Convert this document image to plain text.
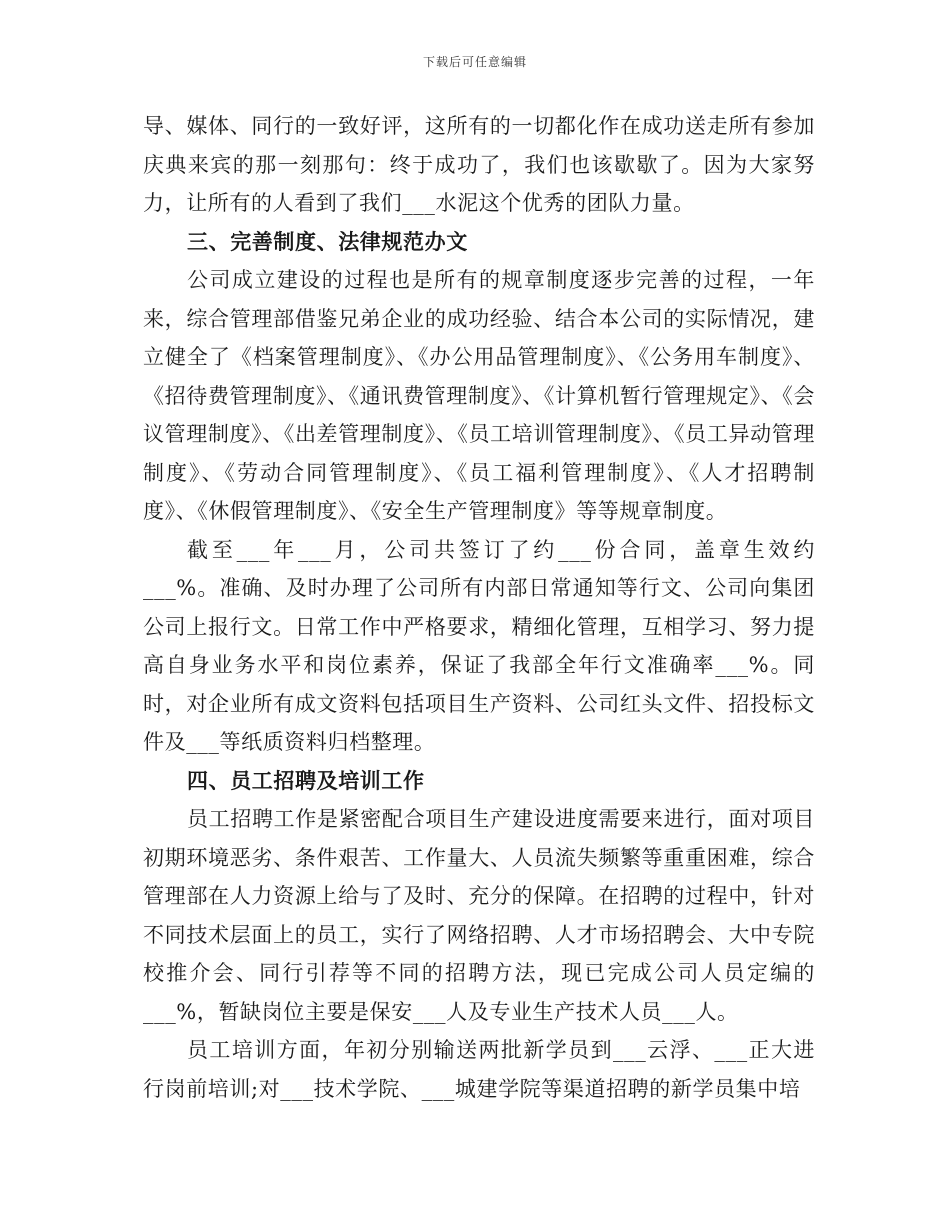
下载后可任意编辑

导、媒体、同行的一致好评，这所有的一切都化作在成功送走所有参加庆典来宾的那一刻那句：终于成功了，我们也该歇歇了。因为大家努力，让所有的人看到了我们___水泥这个优秀的团队力量。

三、完善制度、法律规范办文

公司成立建设的过程也是所有的规章制度逐步完善的过程，一年来，综合管理部借鉴兄弟企业的成功经验、结合本公司的实际情况，建立健全了《档案管理制度》、《办公用品管理制度》、《公务用车制度》、《招待费管理制度》、《通讯费管理制度》、《计算机暂行管理规定》、《会议管理制度》、《出差管理制度》、《员工培训管理制度》、《员工异动管理制度》、《劳动合同管理制度》、《员工福利管理制度》、《人才招聘制度》、《休假管理制度》、《安全生产管理制度》等等规章制度。

截至___年___月，公司共签订了约___份合同，盖章生效约___%。准确、及时办理了公司所有内部日常通知等行文、公司向集团公司上报行文。日常工作中严格要求，精细化管理，互相学习、努力提高自身业务水平和岗位素养，保证了我部全年行文准确率___%。同时，对企业所有成文资料包括项目生产资料、公司红头文件、招投标文件及___等纸质资料归档整理。

四、员工招聘及培训工作

员工招聘工作是紧密配合项目生产建设进度需要来进行，面对项目初期环境恶劣、条件艰苦、工作量大、人员流失频繁等重重困难，综合管理部在人力资源上给与了及时、充分的保障。在招聘的过程中，针对不同技术层面上的员工，实行了网络招聘、人才市场招聘会、大中专院校推介会、同行引荐等不同的招聘方法，现已完成公司人员定编的___%，暂缺岗位主要是保安___人及专业生产技术人员___人。

员工培训方面，年初分别输送两批新学员到___云浮、___正大进行岗前培训;对___技术学院、___城建学院等渠道招聘的新学员集中培
